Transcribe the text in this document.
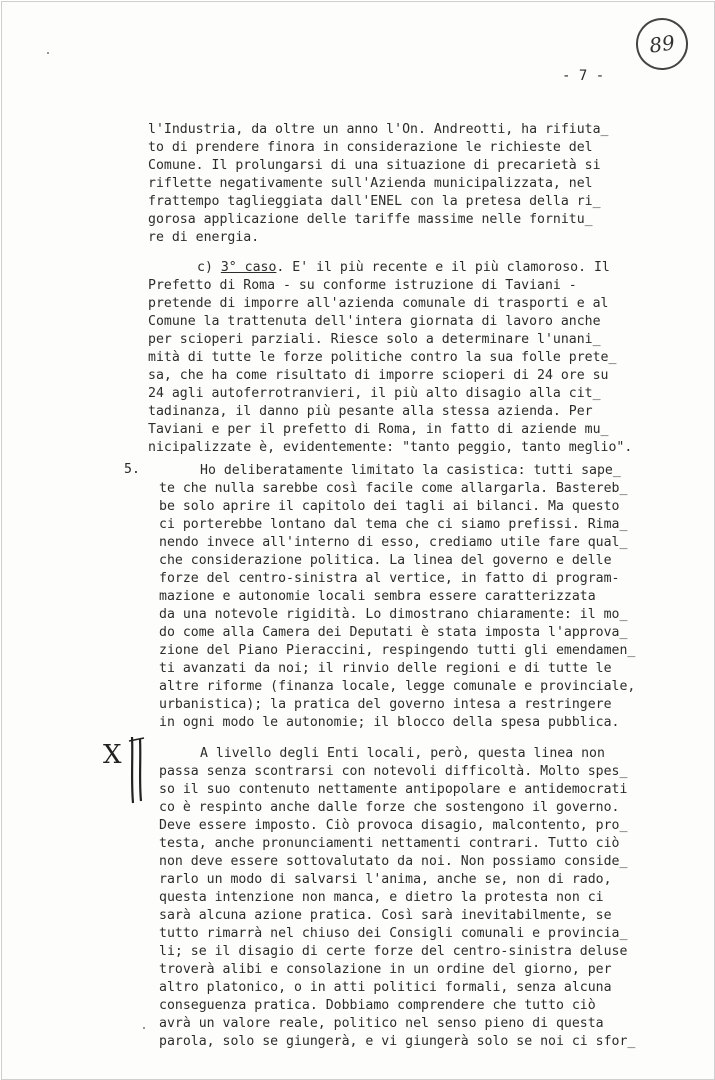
89
- 7 -
l'Industria, da oltre un anno l'On. Andreotti, ha rifiuta_
to di prendere finora in considerazione le richieste del
Comune. Il prolungarsi di una situazione di precarietà si
riflette negativamente sull'Azienda municipalizzata, nel
frattempo taglieggiata dall'ENEL con la pretesa della ri_
gorosa applicazione delle tariffe massime nelle fornitu_
re di energia.
c) 3° caso. E' il più recente e il più clamoroso. Il
Prefetto di Roma - su conforme istruzione di Taviani -
pretende di imporre all'azienda comunale di trasporti e al
Comune la trattenuta dell'intera giornata di lavoro anche
per scioperi parziali. Riesce solo a determinare l'unani_
mità di tutte le forze politiche contro la sua folle prete_
sa, che ha come risultato di imporre scioperi di 24 ore su
24 agli autoferrotranvieri, il più alto disagio alla cit_
tadinanza, il danno più pesante alla stessa azienda. Per
Taviani e per il prefetto di Roma, in fatto di aziende mu_
nicipalizzate è, evidentemente: "tanto peggio, tanto meglio".
5.	Ho deliberatamente limitato la casistica: tutti sape_
te che nulla sarebbe così facile come allargarla. Bastereb_
be solo aprire il capitolo dei tagli ai bilanci. Ma questo
ci porterebbe lontano dal tema che ci siamo prefissi. Rima_
nendo invece all'interno di esso, crediamo utile fare qual_
che considerazione politica. La linea del governo e delle
forze del centro-sinistra al vertice, in fatto di program-
mazione e autonomie locali sembra essere caratterizzata
da una notevole rigidità. Lo dimostrano chiaramente: il mo_
do come alla Camera dei Deputati è stata imposta l'approva_
zione del Piano Pieraccini, respingendo tutti gli emendamen_
ti avanzati da noi; il rinvio delle regioni e di tutte le
altre riforme (finanza locale, legge comunale e provinciale,
urbanistica); la pratica del governo intesa a restringere
in ogni modo le autonomie; il blocco della spesa pubblica.
A livello degli Enti locali, però, questa linea non
passa senza scontrarsi con notevoli difficoltà. Molto spes_
so il suo contenuto nettamente antipopolare e antidemocrati
co è respinto anche dalle forze che sostengono il governo.
Deve essere imposto. Ciò provoca disagio, malcontento, pro_
testa, anche pronunciamenti nettamenti contrari. Tutto ciò
non deve essere sottovalutato da noi. Non possiamo conside_
rarlo un modo di salvarsi l'anima, anche se, non di rado,
questa intenzione non manca, e dietro la protesta non ci
sarà alcuna azione pratica. Così sarà inevitabilmente, se
tutto rimarrà nel chiuso dei Consigli comunali e provincia_
li; se il disagio di certe forze del centro-sinistra deluse
troverà alibi e consolazione in un ordine del giorno, per
altro platonico, o in atti politici formali, senza alcuna
conseguenza pratica. Dobbiamo comprendere che tutto ciò
avrà un valore reale, politico nel senso pieno di questa
parola, solo se giungerà, e vi giungerà solo se noi ci sfor_
X
